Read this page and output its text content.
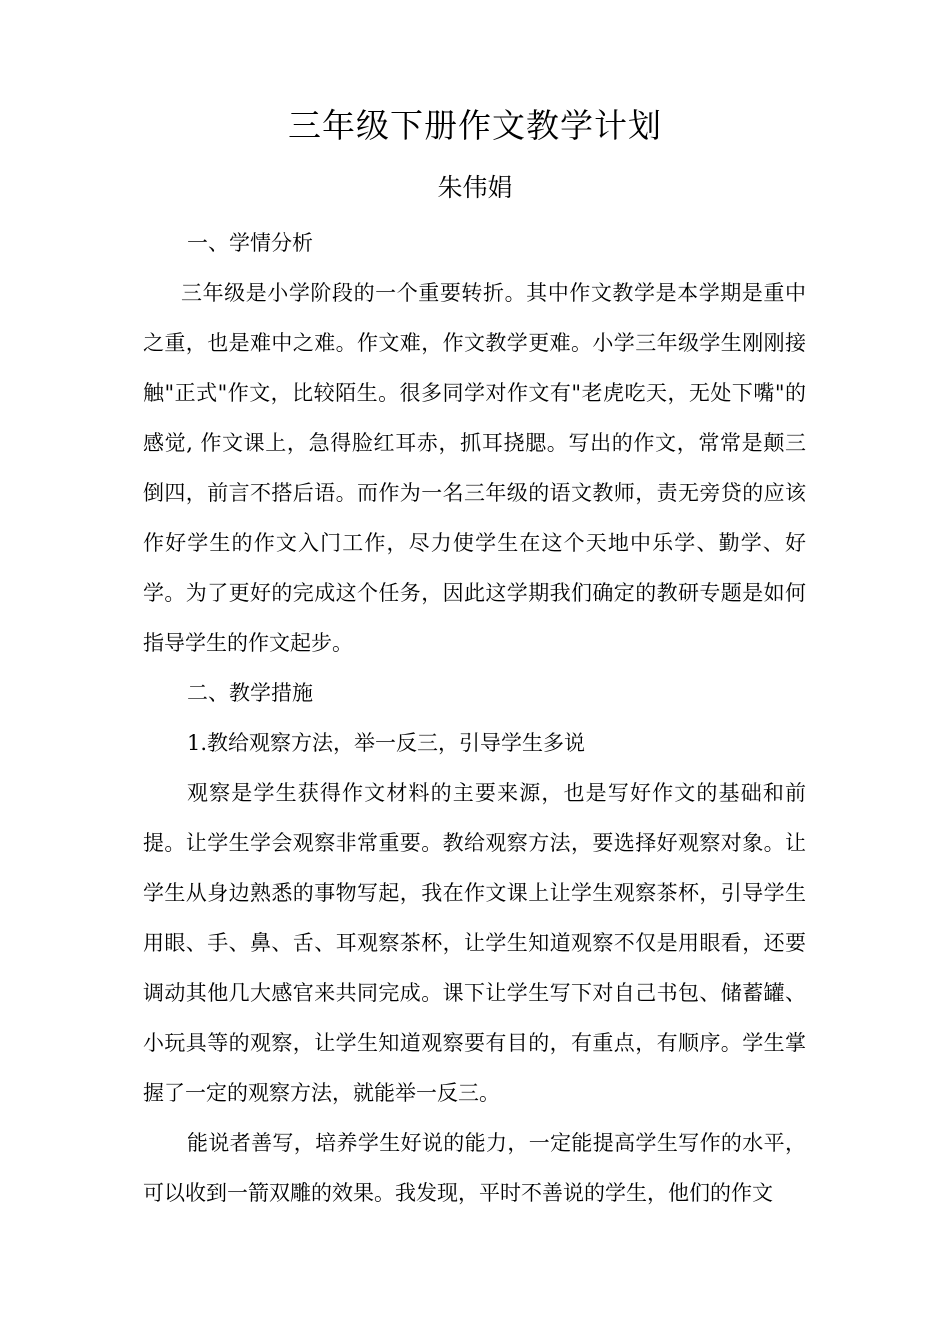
三年级下册作文教学计划
朱伟娟

一、学情分析

三年级是小学阶段的一个重要转折。其中作文教学是本学期是重中之重，也是难中之难。作文难，作文教学更难。小学三年级学生刚刚接触"正式"作文，比较陌生。很多同学对作文有"老虎吃天，无处下嘴"的感觉, 作文课上，急得脸红耳赤，抓耳挠腮。写出的作文，常常是颠三倒四，前言不搭后语。而作为一名三年级的语文教师，责无旁贷的应该作好学生的作文入门工作，尽力使学生在这个天地中乐学、勤学、好学。为了更好的完成这个任务，因此这学期我们确定的教研专题是如何指导学生的作文起步。

二、教学措施

1.教给观察方法，举一反三，引导学生多说

观察是学生获得作文材料的主要来源，也是写好作文的基础和前提。让学生学会观察非常重要。教给观察方法，要选择好观察对象。让学生从身边熟悉的事物写起，我在作文课上让学生观察茶杯，引导学生用眼、手、鼻、舌、耳观察茶杯，让学生知道观察不仅是用眼看，还要调动其他几大感官来共同完成。课下让学生写下对自己书包、储蓄罐、小玩具等的观察，让学生知道观察要有目的，有重点，有顺序。学生掌握了一定的观察方法，就能举一反三。

能说者善写，培养学生好说的能力，一定能提高学生写作的水平，可以收到一箭双雕的效果。我发现，平时不善说的学生，他们的作文
